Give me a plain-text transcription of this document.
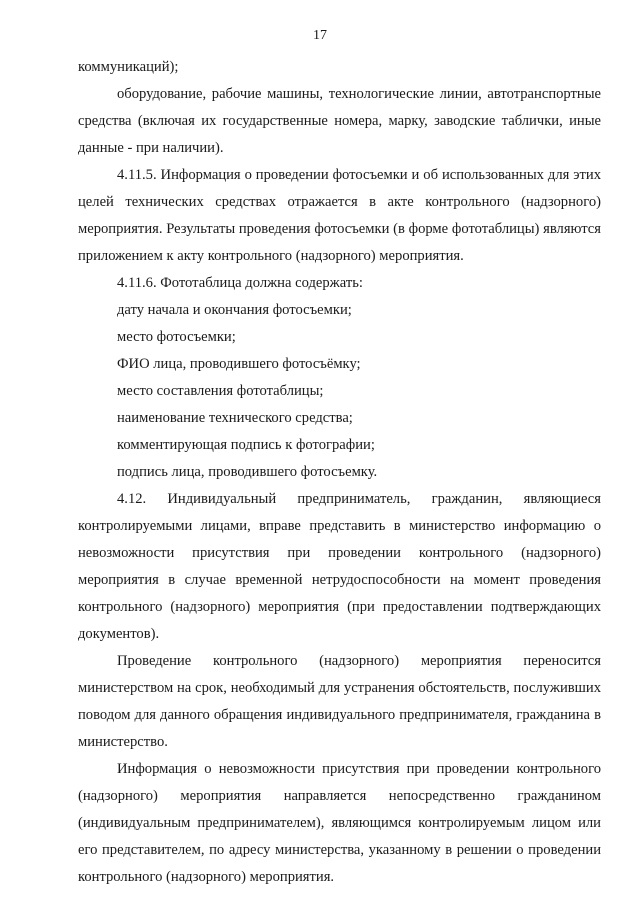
17

коммуникаций);

оборудование, рабочие машины, технологические линии, автотранспортные средства (включая их государственные номера, марку, заводские таблички, иные данные - при наличии).

4.11.5. Информация о проведении фотосъемки и об использованных для этих целей технических средствах отражается в акте контрольного (надзорного) мероприятия. Результаты проведения фотосъемки (в форме фототаблицы) являются приложением к акту контрольного (надзорного) мероприятия.

4.11.6. Фототаблица должна содержать:

дату начала и окончания фотосъемки;

место фотосъемки;

ФИО лица, проводившего фотосъёмку;

место составления фототаблицы;

наименование технического средства;

комментирующая подпись к фотографии;

подпись лица, проводившего фотосъемку.

4.12. Индивидуальный предприниматель, гражданин, являющиеся контролируемыми лицами, вправе представить в министерство информацию о невозможности присутствия при проведении контрольного (надзорного) мероприятия в случае временной нетрудоспособности на момент проведения контрольного (надзорного) мероприятия (при предоставлении подтверждающих документов).

Проведение контрольного (надзорного) мероприятия переносится министерством на срок, необходимый для устранения обстоятельств, послуживших поводом для данного обращения индивидуального предпринимателя, гражданина в министерство.

Информация о невозможности присутствия при проведении контрольного (надзорного) мероприятия направляется непосредственно гражданином (индивидуальным предпринимателем), являющимся контролируемым лицом или его представителем, по адресу министерства, указанному в решении о проведении контрольного (надзорного) мероприятия.
